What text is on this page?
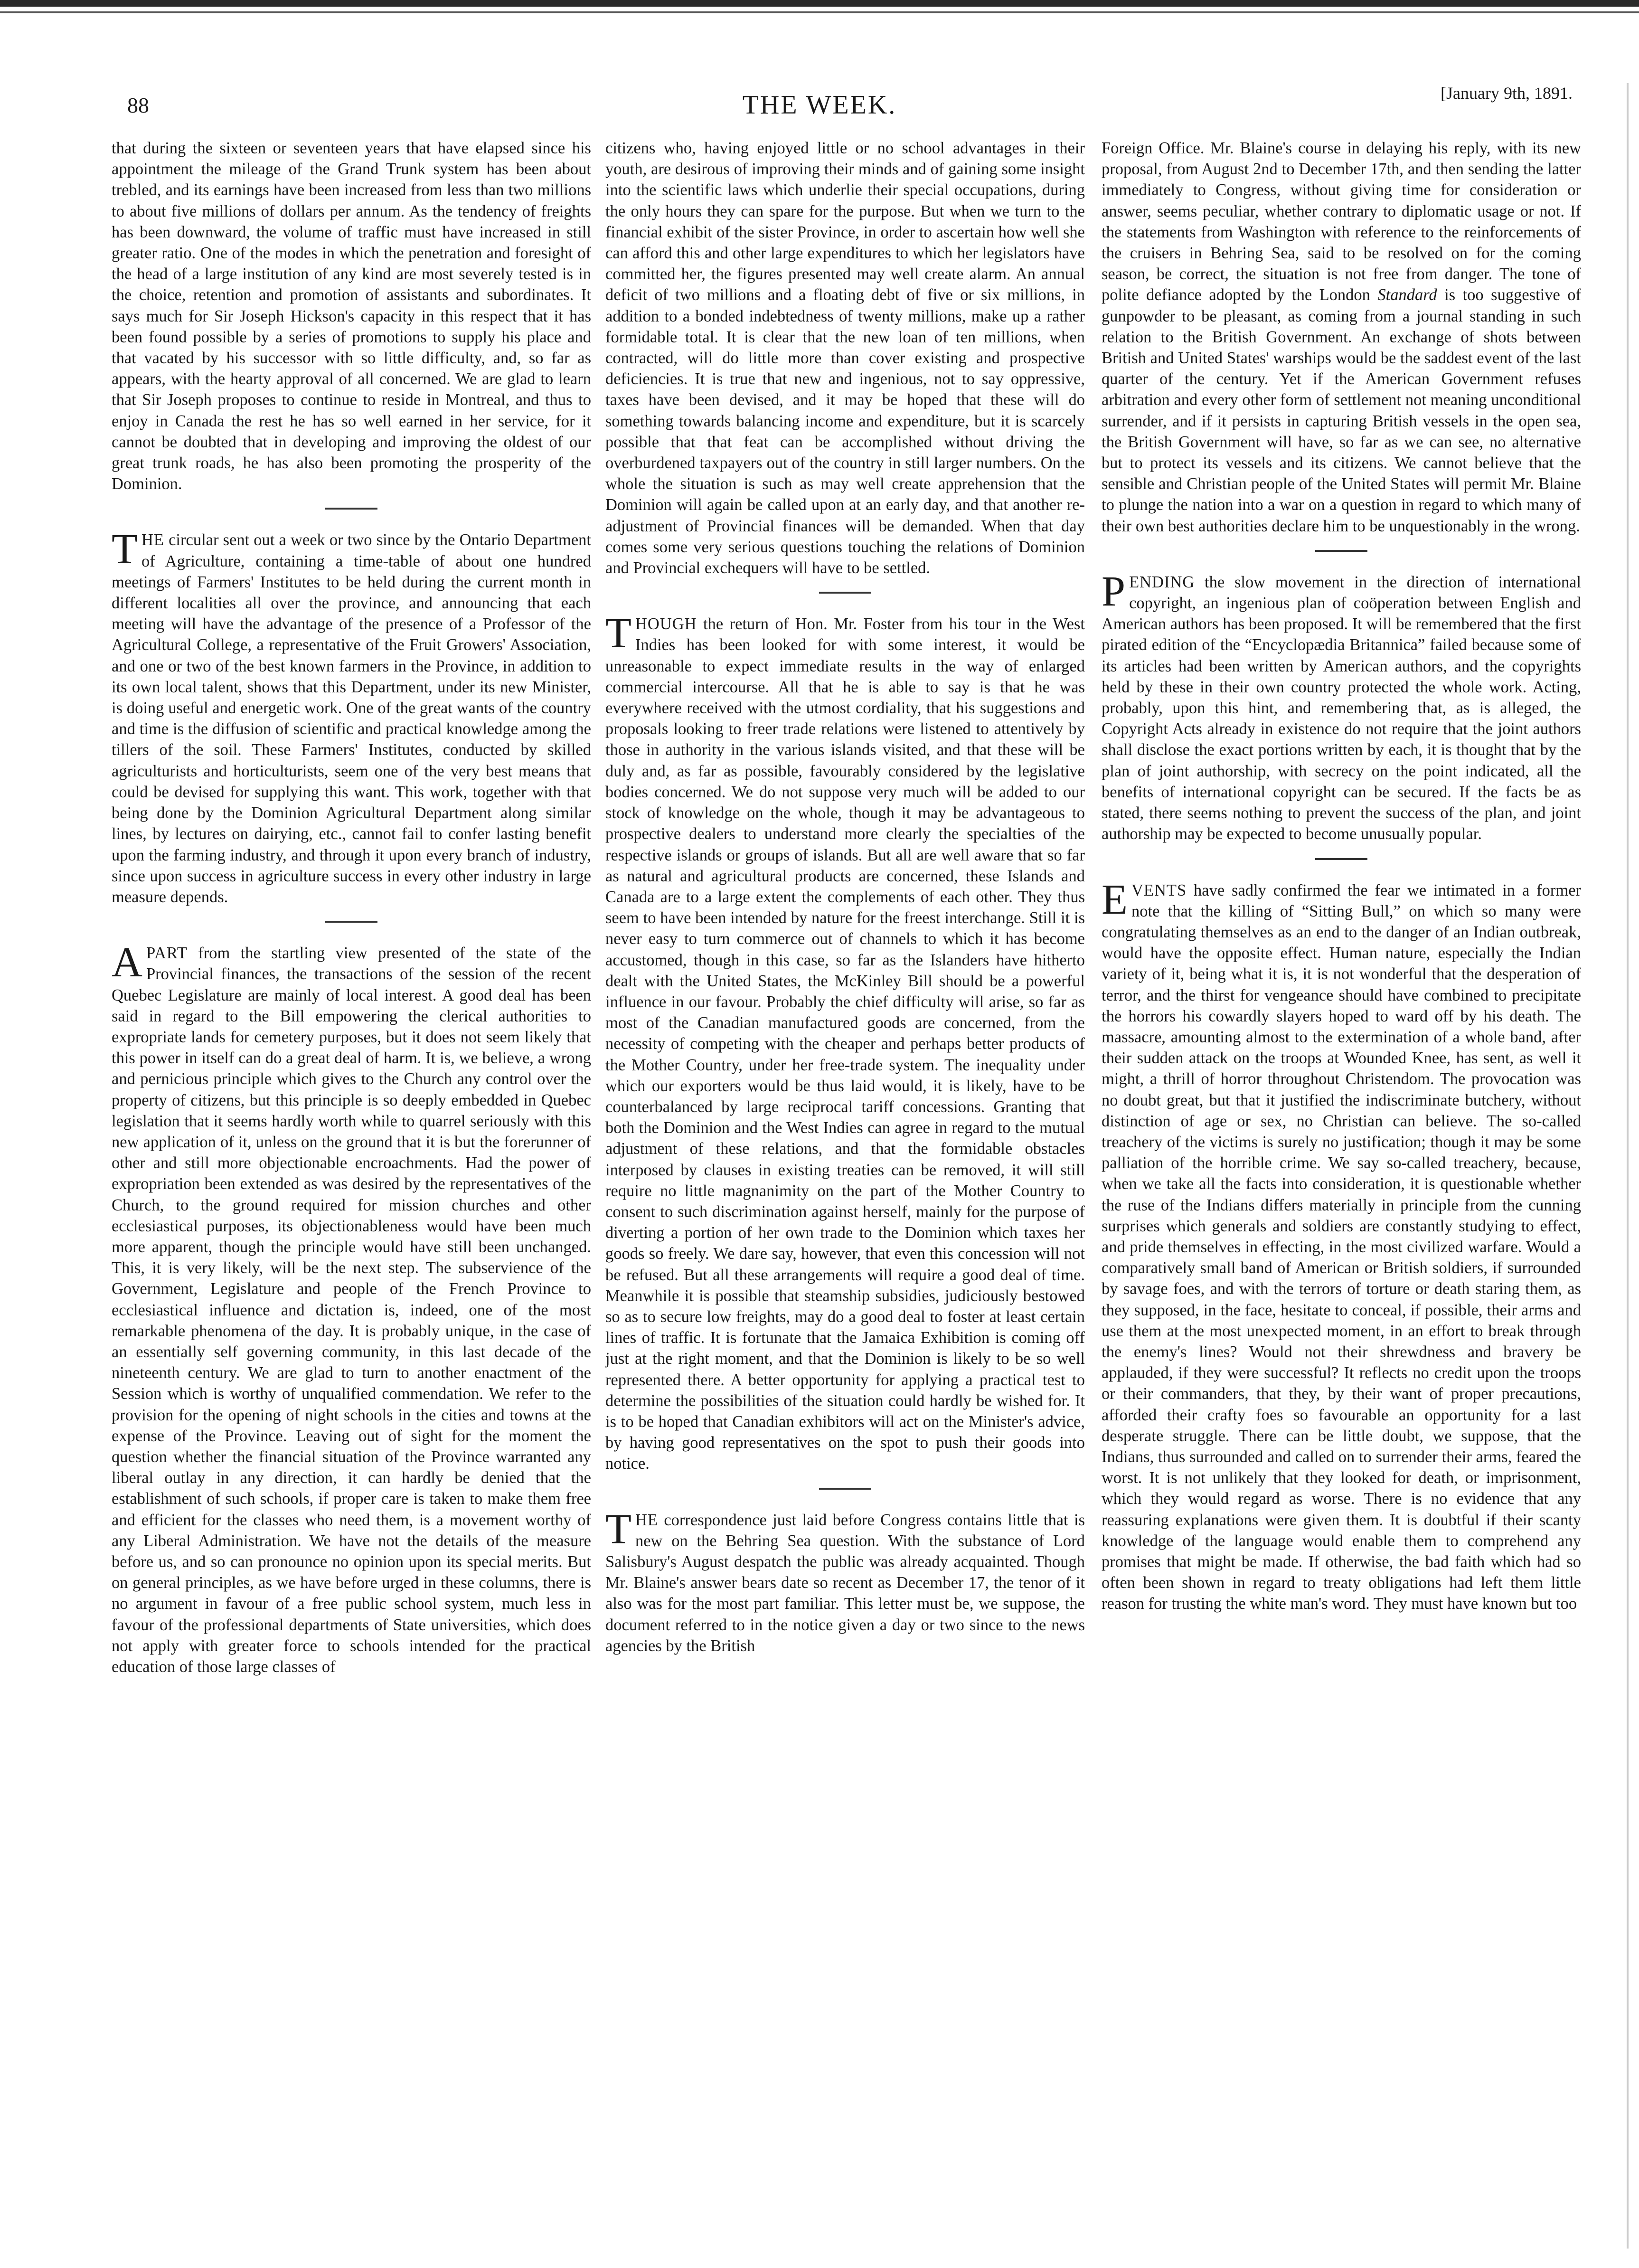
88	THE WEEK.	[January 9th, 1891.

that during the sixteen or seventeen years that have elapsed since his appointment the mileage of the Grand Trunk system has been about trebled, and its earnings have been increased from less than two millions to about five millions of dollars per annum. As the tendency of freights has been downward, the volume of traffic must have increased in still greater ratio. One of the modes in which the penetration and foresight of the head of a large institution of any kind are most severely tested is in the choice, retention and promotion of assistants and subordinates. It says much for Sir Joseph Hickson's capacity in this respect that it has been found possible by a series of promotions to supply his place and that vacated by his successor with so little difficulty, and, so far as appears, with the hearty approval of all concerned. We are glad to learn that Sir Joseph proposes to continue to reside in Montreal, and thus to enjoy in Canada the rest he has so well earned in her service, for it cannot be doubted that in developing and improving the oldest of our great trunk roads, he has also been promoting the prosperity of the Dominion.

THE circular sent out a week or two since by the Ontario Department of Agriculture, containing a time-table of about one hundred meetings of Farmers' Institutes to be held during the current month in different localities all over the province, and announcing that each meeting will have the advantage of the presence of a Professor of the Agricultural College, a representative of the Fruit Growers' Association, and one or two of the best known farmers in the Province, in addition to its own local talent, shows that this Department, under its new Minister, is doing useful and energetic work. One of the great wants of the country and time is the diffusion of scientific and practical knowledge among the tillers of the soil. These Farmers' Institutes, conducted by skilled agriculturists and horticulturists, seem one of the very best means that could be devised for supplying this want. This work, together with that being done by the Dominion Agricultural Department along similar lines, by lectures on dairying, etc., cannot fail to confer lasting benefit upon the farming industry, and through it upon every branch of industry, since upon success in agriculture success in every other industry in large measure depends.

APART from the startling view presented of the state of the Provincial finances, the transactions of the session of the recent Quebec Legislature are mainly of local interest. A good deal has been said in regard to the Bill empowering the clerical authorities to expropriate lands for cemetery purposes, but it does not seem likely that this power in itself can do a great deal of harm. It is, we believe, a wrong and pernicious principle which gives to the Church any control over the property of citizens, but this principle is so deeply embedded in Quebec legislation that it seems hardly worth while to quarrel seriously with this new application of it, unless on the ground that it is but the forerunner of other and still more objectionable encroachments. Had the power of expropriation been extended as was desired by the representatives of the Church, to the ground required for mission churches and other ecclesiastical purposes, its objectionableness would have been much more apparent, though the principle would have still been unchanged. This, it is very likely, will be the next step. The subservience of the Government, Legislature and people of the French Province to ecclesiastical influence and dictation is, indeed, one of the most remarkable phenomena of the day. It is probably unique, in the case of an essentially self governing community, in this last decade of the nineteenth century. We are glad to turn to another enactment of the Session which is worthy of unqualified commendation. We refer to the provision for the opening of night schools in the cities and towns at the expense of the Province. Leaving out of sight for the moment the question whether the financial situation of the Province warranted any liberal outlay in any direction, it can hardly be denied that the establishment of such schools, if proper care is taken to make them free and efficient for the classes who need them, is a movement worthy of any Liberal Administration. We have not the details of the measure before us, and so can pronounce no opinion upon its special merits. But on general principles, as we have before urged in these columns, there is no argument in favour of a free public school system, much less in favour of the professional departments of State universities, which does not apply with greater force to schools intended for the practical education of those large classes of

citizens who, having enjoyed little or no school advantages in their youth, are desirous of improving their minds and of gaining some insight into the scientific laws which underlie their special occupations, during the only hours they can spare for the purpose. But when we turn to the financial exhibit of the sister Province, in order to ascertain how well she can afford this and other large expenditures to which her legislators have committed her, the figures presented may well create alarm. An annual deficit of two millions and a floating debt of five or six millions, in addition to a bonded indebtedness of twenty millions, make up a rather formidable total. It is clear that the new loan of ten millions, when contracted, will do little more than cover existing and prospective deficiencies. It is true that new and ingenious, not to say oppressive, taxes have been devised, and it may be hoped that these will do something towards balancing income and expenditure, but it is scarcely possible that that feat can be accomplished without driving the overburdened taxpayers out of the country in still larger numbers. On the whole the situation is such as may well create apprehension that the Dominion will again be called upon at an early day, and that another re-adjustment of Provincial finances will be demanded. When that day comes some very serious questions touching the relations of Dominion and Provincial exchequers will have to be settled.

THOUGH the return of Hon. Mr. Foster from his tour in the West Indies has been looked for with some interest, it would be unreasonable to expect immediate results in the way of enlarged commercial intercourse. All that he is able to say is that he was everywhere received with the utmost cordiality, that his suggestions and proposals looking to freer trade relations were listened to attentively by those in authority in the various islands visited, and that these will be duly and, as far as possible, favourably considered by the legislative bodies concerned. We do not suppose very much will be added to our stock of knowledge on the whole, though it may be advantageous to prospective dealers to understand more clearly the specialties of the respective islands or groups of islands. But all are well aware that so far as natural and agricultural products are concerned, these Islands and Canada are to a large extent the complements of each other. They thus seem to have been intended by nature for the freest interchange. Still it is never easy to turn commerce out of channels to which it has become accustomed, though in this case, so far as the Islanders have hitherto dealt with the United States, the McKinley Bill should be a powerful influence in our favour. Probably the chief difficulty will arise, so far as most of the Canadian manufactured goods are concerned, from the necessity of competing with the cheaper and perhaps better products of the Mother Country, under her free-trade system. The inequality under which our exporters would be thus laid would, it is likely, have to be counterbalanced by large reciprocal tariff concessions. Granting that both the Dominion and the West Indies can agree in regard to the mutual adjustment of these relations, and that the formidable obstacles interposed by clauses in existing treaties can be removed, it will still require no little magnanimity on the part of the Mother Country to consent to such discrimination against herself, mainly for the purpose of diverting a portion of her own trade to the Dominion which taxes her goods so freely. We dare say, however, that even this concession will not be refused. But all these arrangements will require a good deal of time. Meanwhile it is possible that steamship subsidies, judiciously bestowed so as to secure low freights, may do a good deal to foster at least certain lines of traffic. It is fortunate that the Jamaica Exhibition is coming off just at the right moment, and that the Dominion is likely to be so well represented there. A better opportunity for applying a practical test to determine the possibilities of the situation could hardly be wished for. It is to be hoped that Canadian exhibitors will act on the Minister's advice, by having good representatives on the spot to push their goods into notice.

THE correspondence just laid before Congress contains little that is new on the Behring Sea question. With the substance of Lord Salisbury's August despatch the public was already acquainted. Though Mr. Blaine's answer bears date so recent as December 17, the tenor of it also was for the most part familiar. This letter must be, we suppose, the document referred to in the notice given a day or two since to the news agencies by the British

Foreign Office. Mr. Blaine's course in delaying his reply, with its new proposal, from August 2nd to December 17th, and then sending the latter immediately to Congress, without giving time for consideration or answer, seems peculiar, whether contrary to diplomatic usage or not. If the statements from Washington with reference to the reinforcements of the cruisers in Behring Sea, said to be resolved on for the coming season, be correct, the situation is not free from danger. The tone of polite defiance adopted by the London Standard is too suggestive of gunpowder to be pleasant, as coming from a journal standing in such relation to the British Government. An exchange of shots between British and United States' warships would be the saddest event of the last quarter of the century. Yet if the American Government refuses arbitration and every other form of settlement not meaning unconditional surrender, and if it persists in capturing British vessels in the open sea, the British Government will have, so far as we can see, no alternative but to protect its vessels and its citizens. We cannot believe that the sensible and Christian people of the United States will permit Mr. Blaine to plunge the nation into a war on a question in regard to which many of their own best authorities declare him to be unquestionably in the wrong.

PENDING the slow movement in the direction of international copyright, an ingenious plan of coöperation between English and American authors has been proposed. It will be remembered that the first pirated edition of the “Encyclopædia Britannica” failed because some of its articles had been written by American authors, and the copyrights held by these in their own country protected the whole work. Acting, probably, upon this hint, and remembering that, as is alleged, the Copyright Acts already in existence do not require that the joint authors shall disclose the exact portions written by each, it is thought that by the plan of joint authorship, with secrecy on the point indicated, all the benefits of international copyright can be secured. If the facts be as stated, there seems nothing to prevent the success of the plan, and joint authorship may be expected to become unusually popular.

EVENTS have sadly confirmed the fear we intimated in a former note that the killing of “Sitting Bull,” on which so many were congratulating themselves as an end to the danger of an Indian outbreak, would have the opposite effect. Human nature, especially the Indian variety of it, being what it is, it is not wonderful that the desperation of terror, and the thirst for vengeance should have combined to precipitate the horrors his cowardly slayers hoped to ward off by his death. The massacre, amounting almost to the extermination of a whole band, after their sudden attack on the troops at Wounded Knee, has sent, as well it might, a thrill of horror throughout Christendom. The provocation was no doubt great, but that it justified the indiscriminate butchery, without distinction of age or sex, no Christian can believe. The so-called treachery of the victims is surely no justification; though it may be some palliation of the horrible crime. We say so-called treachery, because, when we take all the facts into consideration, it is questionable whether the ruse of the Indians differs materially in principle from the cunning surprises which generals and soldiers are constantly studying to effect, and pride themselves in effecting, in the most civilized warfare. Would a comparatively small band of American or British soldiers, if surrounded by savage foes, and with the terrors of torture or death staring them, as they supposed, in the face, hesitate to conceal, if possible, their arms and use them at the most unexpected moment, in an effort to break through the enemy's lines? Would not their shrewdness and bravery be applauded, if they were successful? It reflects no credit upon the troops or their commanders, that they, by their want of proper precautions, afforded their crafty foes so favourable an opportunity for a last desperate struggle. There can be little doubt, we suppose, that the Indians, thus surrounded and called on to surrender their arms, feared the worst. It is not unlikely that they looked for death, or imprisonment, which they would regard as worse. There is no evidence that any reassuring explanations were given them. It is doubtful if their scanty knowledge of the language would enable them to comprehend any promises that might be made. If otherwise, the bad faith which had so often been shown in regard to treaty obligations had left them little reason for trusting the white man's word. They must have known but too
